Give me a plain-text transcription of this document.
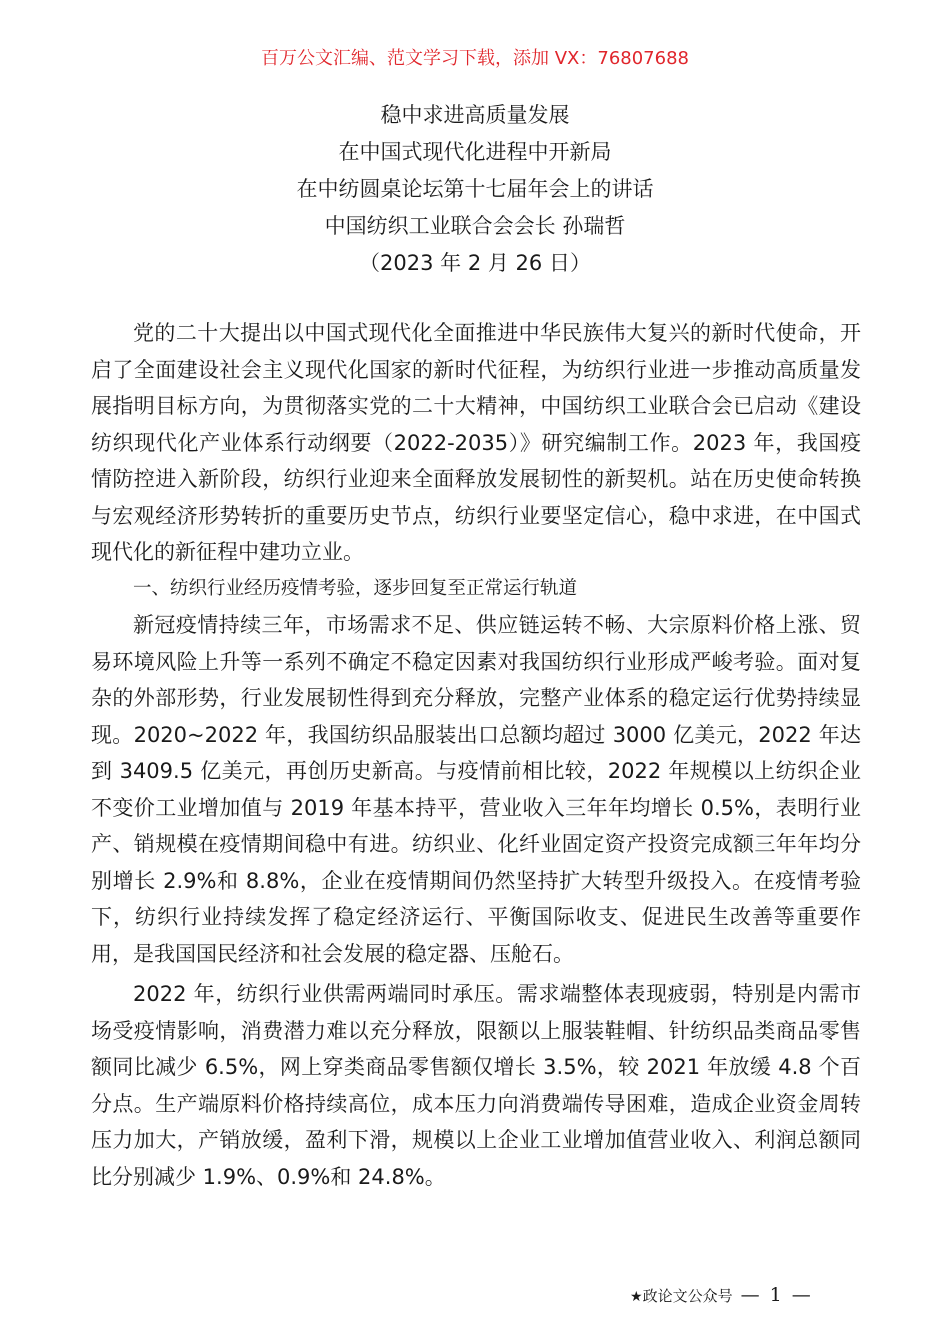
百万公文汇编、范文学习下载，添加 VX：76807688
稳中求进高质量发展
在中国式现代化进程中开新局
在中纺圆桌论坛第十七届年会上的讲话
中国纺织工业联合会会长 孙瑞哲
（2023 年 2 月 26 日）

党的二十大提出以中国式现代化全面推进中华民族伟大复兴的新时代使命，开启了全面建设社会主义现代化国家的新时代征程，为纺织行业进一步推动高质量发展指明目标方向，为贯彻落实党的二十大精神，中国纺织工业联合会已启动《建设纺织现代化产业体系行动纲要（2022-2035）》研究编制工作。2023 年，我国疫情防控进入新阶段，纺织行业迎来全面释放发展韧性的新契机。站在历史使命转换与宏观经济形势转折的重要历史节点，纺织行业要坚定信心，稳中求进，在中国式现代化的新征程中建功立业。

一、纺织行业经历疫情考验，逐步回复至正常运行轨道

新冠疫情持续三年，市场需求不足、供应链运转不畅、大宗原料价格上涨、贸易环境风险上升等一系列不确定不稳定因素对我国纺织行业形成严峻考验。面对复杂的外部形势，行业发展韧性得到充分释放，完整产业体系的稳定运行优势持续显现。2020~2022 年，我国纺织品服装出口总额均超过 3000 亿美元，2022 年达到 3409.5 亿美元，再创历史新高。与疫情前相比较，2022 年规模以上纺织企业不变价工业增加值与 2019 年基本持平，营业收入三年年均增长 0.5%，表明行业产、销规模在疫情期间稳中有进。纺织业、化纤业固定资产投资完成额三年年均分别增长 2.9%和 8.8%，企业在疫情期间仍然坚持扩大转型升级投入。在疫情考验下，纺织行业持续发挥了稳定经济运行、平衡国际收支、促进民生改善等重要作用，是我国国民经济和社会发展的稳定器、压舱石。

2022 年，纺织行业供需两端同时承压。需求端整体表现疲弱，特别是内需市场受疫情影响，消费潜力难以充分释放，限额以上服装鞋帽、针纺织品类商品零售额同比减少 6.5%，网上穿类商品零售额仅增长 3.5%，较 2021 年放缓 4.8 个百分点。生产端原料价格持续高位，成本压力向消费端传导困难，造成企业资金周转压力加大，产销放缓，盈利下滑，规模以上企业工业增加值营业收入、利润总额同比分别减少 1.9%、0.9%和 24.8%。

★政论文公众号 — 1 —
